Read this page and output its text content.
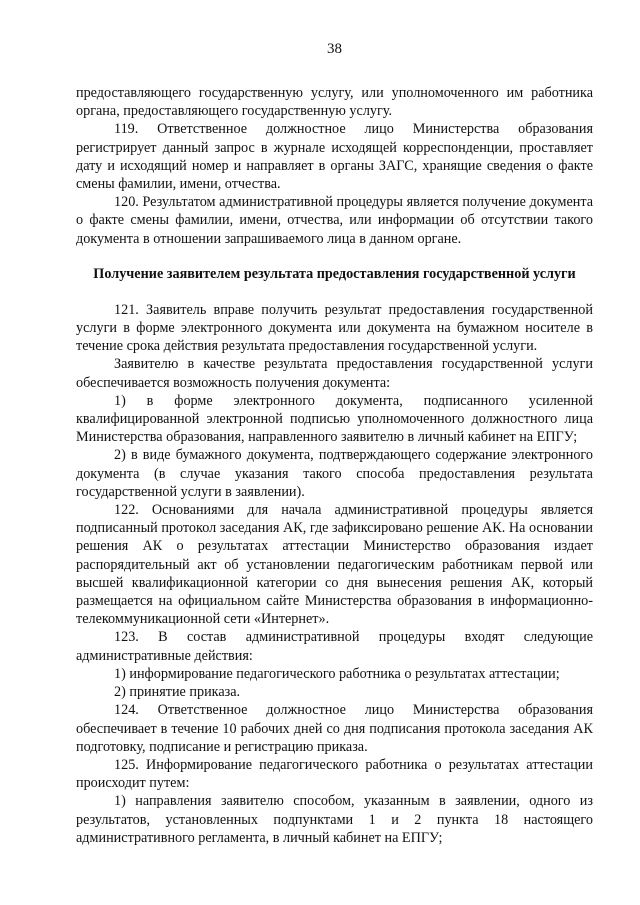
38

предоставляющего государственную услугу, или уполномоченного им работника органа, предоставляющего государственную услугу.

119. Ответственное должностное лицо Министерства образования регистрирует данный запрос в журнале исходящей корреспонденции, проставляет дату и исходящий номер и направляет в органы ЗАГС, хранящие сведения о факте смены фамилии, имени, отчества.

120. Результатом административной процедуры является получение документа о факте смены фамилии, имени, отчества, или информации об отсутствии такого документа в отношении запрашиваемого лица в данном органе.

Получение заявителем результата предоставления государственной услуги

121. Заявитель вправе получить результат предоставления государственной услуги в форме электронного документа или документа на бумажном носителе в течение срока действия результата предоставления государственной услуги.

Заявителю в качестве результата предоставления государственной услуги обеспечивается возможность получения документа:

1) в форме электронного документа, подписанного усиленной квалифицированной электронной подписью уполномоченного должностного лица Министерства образования, направленного заявителю в личный кабинет на ЕПГУ;

2) в виде бумажного документа, подтверждающего содержание электронного документа (в случае указания такого способа предоставления результата государственной услуги в заявлении).

122. Основаниями для начала административной процедуры является подписанный протокол заседания АК, где зафиксировано решение АК. На основании решения АК о результатах аттестации Министерство образования издает распорядительный акт об установлении педагогическим работникам первой или высшей квалификационной категории со дня вынесения решения АК, который размещается на официальном сайте Министерства образования в информационно-телекоммуникационной сети «Интернет».

123. В состав административной процедуры входят следующие административные действия:

1) информирование педагогического работника о результатах аттестации;

2) принятие приказа.

124. Ответственное должностное лицо Министерства образования обеспечивает в течение 10 рабочих дней со дня подписания протокола заседания АК подготовку, подписание и регистрацию приказа.

125. Информирование педагогического работника о результатах аттестации происходит путем:

1) направления заявителю способом, указанным в заявлении, одного из результатов, установленных подпунктами 1 и 2 пункта 18 настоящего административного регламента, в личный кабинет на ЕПГУ;
